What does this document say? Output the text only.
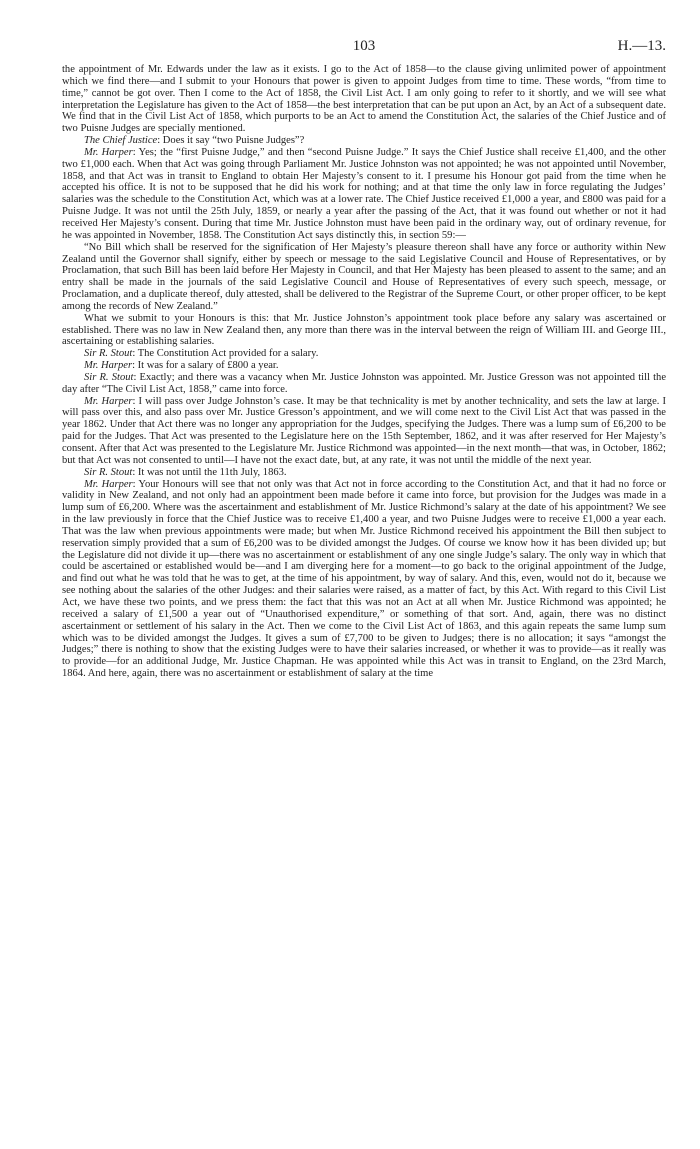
103	H.—13.

the appointment of Mr. Edwards under the law as it exists. I go to the Act of 1858—to the clause giving unlimited power of appointment which we find there—and I submit to your Honours that power is given to appoint Judges from time to time. These words, “from time to time,” cannot be got over. Then I come to the Act of 1858, the Civil List Act. I am only going to refer to it shortly, and we will see what interpretation the Legislature has given to the Act of 1858—the best interpretation that can be put upon an Act, by an Act of a subsequent date. We find that in the Civil List Act of 1858, which purports to be an Act to amend the Constitution Act, the salaries of the Chief Justice and of two Puisne Judges are specially mentioned.

The Chief Justice: Does it say “two Puisne Judges”?

Mr. Harper: Yes; the “first Puisne Judge,” and then “second Puisne Judge.” It says the Chief Justice shall receive £1,400, and the other two £1,000 each. When that Act was going through Parliament Mr. Justice Johnston was not appointed; he was not appointed until November, 1858, and that Act was in transit to England to obtain Her Majesty’s consent to it. I presume his Honour got paid from the time when he accepted his office. It is not to be supposed that he did his work for nothing; and at that time the only law in force regulating the Judges’ salaries was the schedule to the Constitution Act, which was at a lower rate. The Chief Justice received £1,000 a year, and £800 was paid for a Puisne Judge. It was not until the 25th July, 1859, or nearly a year after the passing of the Act, that it was found out whether or not it had received Her Majesty’s consent. During that time Mr. Justice Johnston must have been paid in the ordinary way, out of ordinary revenue, for he was appointed in November, 1858. The Constitution Act says distinctly this, in section 59:—

“No Bill which shall be reserved for the signification of Her Majesty’s pleasure thereon shall have any force or authority within New Zealand until the Governor shall signify, either by speech or message to the said Legislative Council and House of Representatives, or by Proclamation, that such Bill has been laid before Her Majesty in Council, and that Her Majesty has been pleased to assent to the same; and an entry shall be made in the journals of the said Legislative Council and House of Representatives of every such speech, message, or Proclamation, and a duplicate thereof, duly attested, shall be delivered to the Registrar of the Supreme Court, or other proper officer, to be kept among the records of New Zealand.”

What we submit to your Honours is this: that Mr. Justice Johnston’s appointment took place before any salary was ascertained or established. There was no law in New Zealand then, any more than there was in the interval between the reign of William III. and George III., ascertaining or establishing salaries.

Sir R. Stout: The Constitution Act provided for a salary.

Mr. Harper: It was for a salary of £800 a year.

Sir R. Stout: Exactly; and there was a vacancy when Mr. Justice Johnston was appointed. Mr. Justice Gresson was not appointed till the day after “The Civil List Act, 1858,” came into force.

Mr. Harper: I will pass over Judge Johnston’s case. It may be that technicality is met by another technicality, and sets the law at large. I will pass over this, and also pass over Mr. Justice Gresson’s appointment, and we will come next to the Civil List Act that was passed in the year 1862. Under that Act there was no longer any appropriation for the Judges, specifying the Judges. There was a lump sum of £6,200 to be paid for the Judges. That Act was presented to the Legislature here on the 15th September, 1862, and it was after reserved for Her Majesty’s consent. After that Act was presented to the Legislature Mr. Justice Richmond was appointed—in the next month—that was, in October, 1862; but that Act was not consented to until—I have not the exact date, but, at any rate, it was not until the middle of the next year.

Sir R. Stout: It was not until the 11th July, 1863.

Mr. Harper: Your Honours will see that not only was that Act not in force according to the Constitution Act, and that it had no force or validity in New Zealand, and not only had an appointment been made before it came into force, but provision for the Judges was made in a lump sum of £6,200. Where was the ascertainment and establishment of Mr. Justice Richmond’s salary at the date of his appointment? We see in the law previously in force that the Chief Justice was to receive £1,400 a year, and two Puisne Judges were to receive £1,000 a year each. That was the law when previous appointments were made; but when Mr. Justice Richmond received his appointment the Bill then subject to reservation simply provided that a sum of £6,200 was to be divided amongst the Judges. Of course we know how it has been divided up; but the Legislature did not divide it up—there was no ascertainment or establishment of any one single Judge’s salary. The only way in which that could be ascertained or established would be—and I am diverging here for a moment—to go back to the original appointment of the Judge, and find out what he was told that he was to get, at the time of his appointment, by way of salary. And this, even, would not do it, because we see nothing about the salaries of the other Judges: and their salaries were raised, as a matter of fact, by this Act. With regard to this Civil List Act, we have these two points, and we press them: the fact that this was not an Act at all when Mr. Justice Richmond was appointed; he received a salary of £1,500 a year out of “Unauthorised expenditure,” or something of that sort. And, again, there was no distinct ascertainment or settlement of his salary in the Act. Then we come to the Civil List Act of 1863, and this again repeats the same lump sum which was to be divided amongst the Judges. It gives a sum of £7,700 to be given to Judges; there is no allocation; it says “amongst the Judges;” there is nothing to show that the existing Judges were to have their salaries increased, or whether it was to provide—as it really was to provide—for an additional Judge, Mr. Justice Chapman. He was appointed while this Act was in transit to England, on the 23rd March, 1864. And here, again, there was no ascertainment or establishment of salary at the time
